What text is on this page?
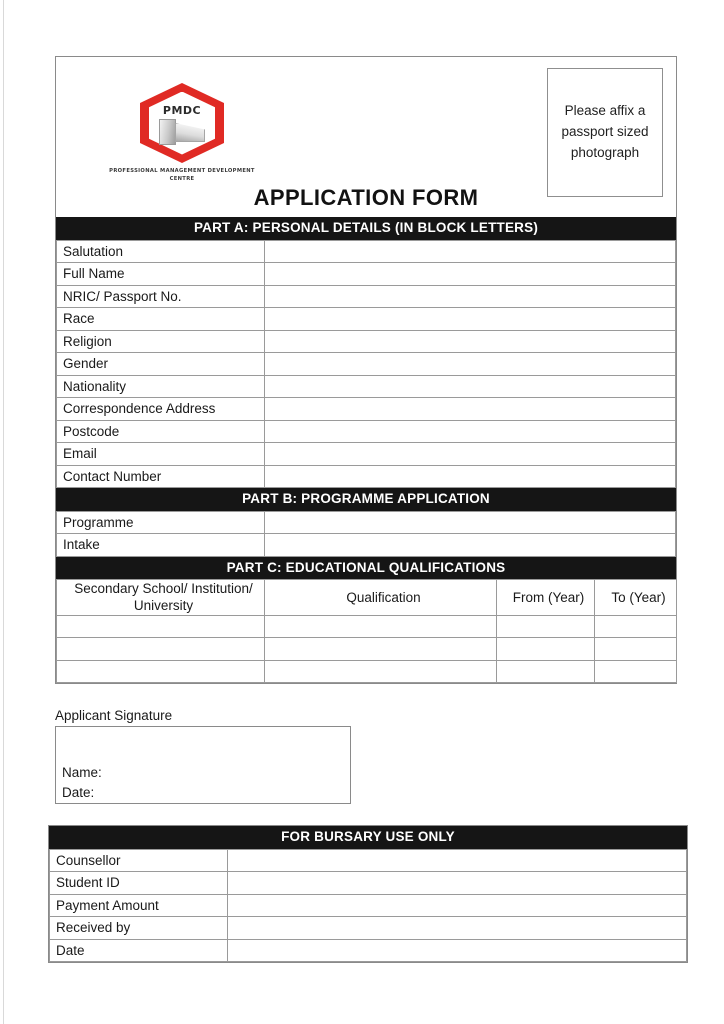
PMDC
PROFESSIONAL MANAGEMENT DEVELOPMENT CENTRE
Please affix a passport sized photograph
APPLICATION FORM
PART A: PERSONAL DETAILS (IN BLOCK LETTERS)
Salutation	
Full Name	
NRIC/ Passport No.	
Race	
Religion	
Gender	
Nationality	
Correspondence Address	
Postcode	
Email	
Contact Number	
PART B: PROGRAMME APPLICATION
Programme	
Intake	
PART C: EDUCATIONAL QUALIFICATIONS
Secondary School/ Institution/ University	Qualification	From (Year)	To (Year)

Applicant Signature
Name:
Date:
FOR BURSARY USE ONLY
Counsellor	
Student ID	
Payment Amount	
Received by	
Date	
